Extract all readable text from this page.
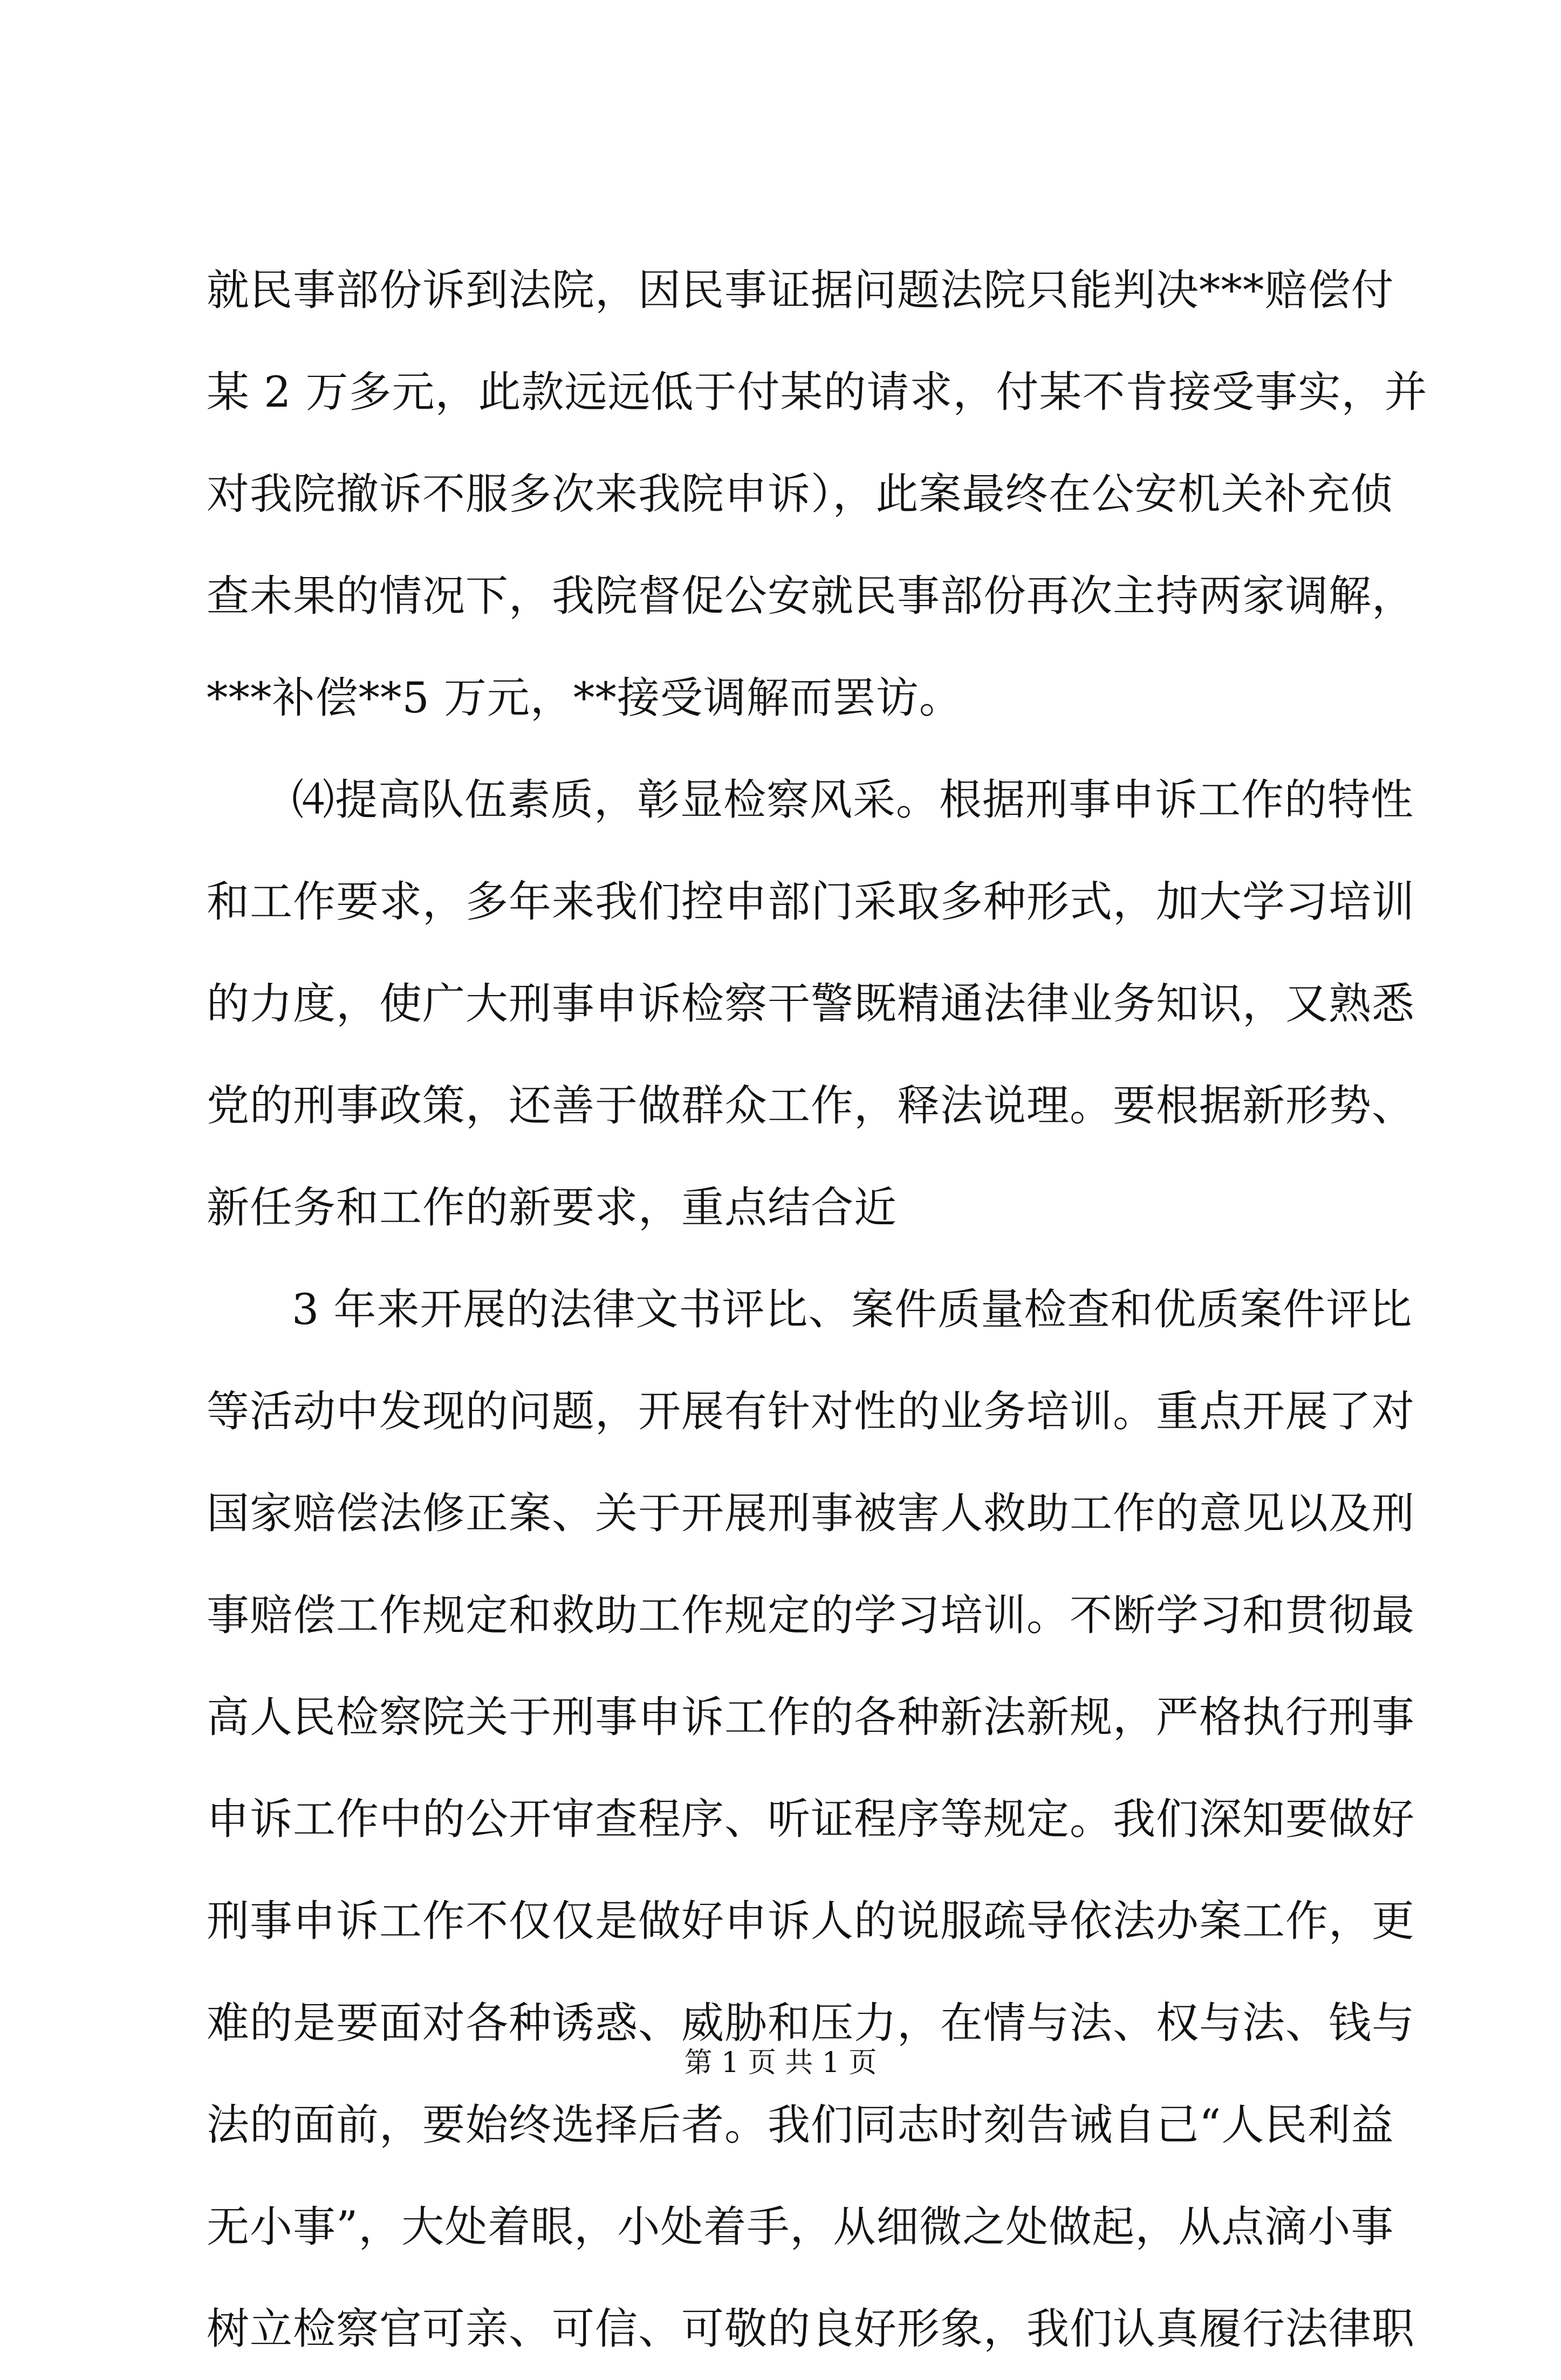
就民事部份诉到法院，因民事证据问题法院只能判决***赔偿付
某 2 万多元，此款远远低于付某的请求，付某不肯接受事实，并
对我院撤诉不服多次来我院申诉），此案最终在公安机关补充侦
查未果的情况下，我院督促公安就民事部份再次主持两家调解，
***补偿**5 万元，**接受调解而罢访。
⑷提高队伍素质，彰显检察风采。根据刑事申诉工作的特性
和工作要求，多年来我们控申部门采取多种形式，加大学习培训
的力度，使广大刑事申诉检察干警既精通法律业务知识，又熟悉
党的刑事政策，还善于做群众工作，释法说理。要根据新形势、
新任务和工作的新要求，重点结合近
3 年来开展的法律文书评比、案件质量检查和优质案件评比
等活动中发现的问题，开展有针对性的业务培训。重点开展了对
国家赔偿法修正案、关于开展刑事被害人救助工作的意见以及刑
事赔偿工作规定和救助工作规定的学习培训。不断学习和贯彻最
高人民检察院关于刑事申诉工作的各种新法新规，严格执行刑事
申诉工作中的公开审查程序、听证程序等规定。我们深知要做好
刑事申诉工作不仅仅是做好申诉人的说服疏导依法办案工作，更
难的是要面对各种诱惑、威胁和压力，在情与法、权与法、钱与
法的面前，要始终选择后者。我们同志时刻告诫自己“人民利益
无小事”，大处着眼，小处着手，从细微之处做起，从点滴小事
树立检察官可亲、可信、可敬的良好形象，我们认真履行法律职
第 1 页 共 1 页
